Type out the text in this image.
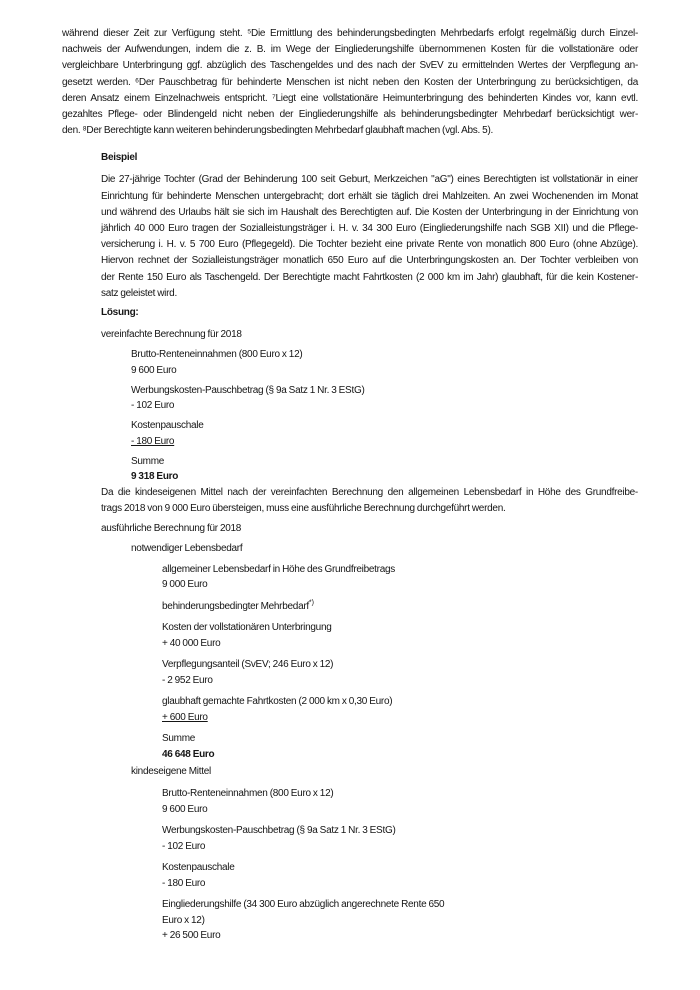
während dieser Zeit zur Verfügung steht. ⁵Die Ermittlung des behinderungsbedingten Mehrbedarfs erfolgt regelmäßig durch Einzel-
nachweis der Aufwendungen, indem die z. B. im Wege der Eingliederungshilfe übernommenen Kosten für die vollstationäre oder
vergleichbare Unterbringung ggf. abzüglich des Taschengeldes und des nach der SvEV zu ermittelnden Wertes der Verpflegung an-
gesetzt werden. ⁶Der Pauschbetrag für behinderte Menschen ist nicht neben den Kosten der Unterbringung zu berücksichtigen, da
deren Ansatz einem Einzelnachweis entspricht. ⁷Liegt eine vollstationäre Heimunterbringung des behinderten Kindes vor, kann evtl.
gezahltes Pflege- oder Blindengeld nicht neben der Eingliederungshilfe als behinderungsbedingter Mehrbedarf berücksichtigt wer-
den. ⁸Der Berechtigte kann weiteren behinderungsbedingten Mehrbedarf glaubhaft machen (vgl. Abs. 5).
Beispiel
Die 27-jährige Tochter (Grad der Behinderung 100 seit Geburt, Merkzeichen "aG") eines Berechtigten ist vollstationär in einer
Einrichtung für behinderte Menschen untergebracht; dort erhält sie täglich drei Mahlzeiten. An zwei Wochenenden im Monat
und während des Urlaubs hält sie sich im Haushalt des Berechtigten auf. Die Kosten der Unterbringung in der Einrichtung von
jährlich 40 000 Euro tragen der Sozialleistungsträger i. H. v. 34 300 Euro (Eingliederungshilfe nach SGB XII) und die Pflege-
versicherung i. H. v. 5 700 Euro (Pflegegeld). Die Tochter bezieht eine private Rente von monatlich 800 Euro (ohne Abzüge).
Hiervon rechnet der Sozialleistungsträger monatlich 650 Euro auf die Unterbringungskosten an. Der Tochter verbleiben von
der Rente 150 Euro als Taschengeld. Der Berechtigte macht Fahrtkosten (2 000 km im Jahr) glaubhaft, für die kein Kostener-
satz geleistet wird.
Lösung:
vereinfachte Berechnung für 2018
Brutto-Renteneinnahmen (800 Euro x 12)
9 600 Euro
Werbungskosten-Pauschbetrag (§ 9a Satz 1 Nr. 3 EStG)
- 102 Euro
Kostenpauschale
- 180 Euro
Summe
9 318 Euro
Da die kindeseigenen Mittel nach der vereinfachten Berechnung den allgemeinen Lebensbedarf in Höhe des Grundfreibe-
trags 2018 von 9 000 Euro übersteigen, muss eine ausführliche Berechnung durchgeführt werden.
ausführliche Berechnung für 2018
notwendiger Lebensbedarf
allgemeiner Lebensbedarf in Höhe des Grundfreibetrags
9 000 Euro
behinderungsbedingter Mehrbedarf*)
Kosten der vollstationären Unterbringung
+ 40 000 Euro
Verpflegungsanteil (SvEV; 246 Euro x 12)
- 2 952 Euro
glaubhaft gemachte Fahrtkosten (2 000 km x 0,30 Euro)
+ 600 Euro
Summe
46 648 Euro
kindeseigene Mittel
Brutto-Renteneinnahmen (800 Euro x 12)
9 600 Euro
Werbungskosten-Pauschbetrag (§ 9a Satz 1 Nr. 3 EStG)
- 102 Euro
Kostenpauschale
- 180 Euro
Eingliederungshilfe (34 300 Euro abzüglich angerechnete Rente 650
Euro x 12)
+ 26 500 Euro
